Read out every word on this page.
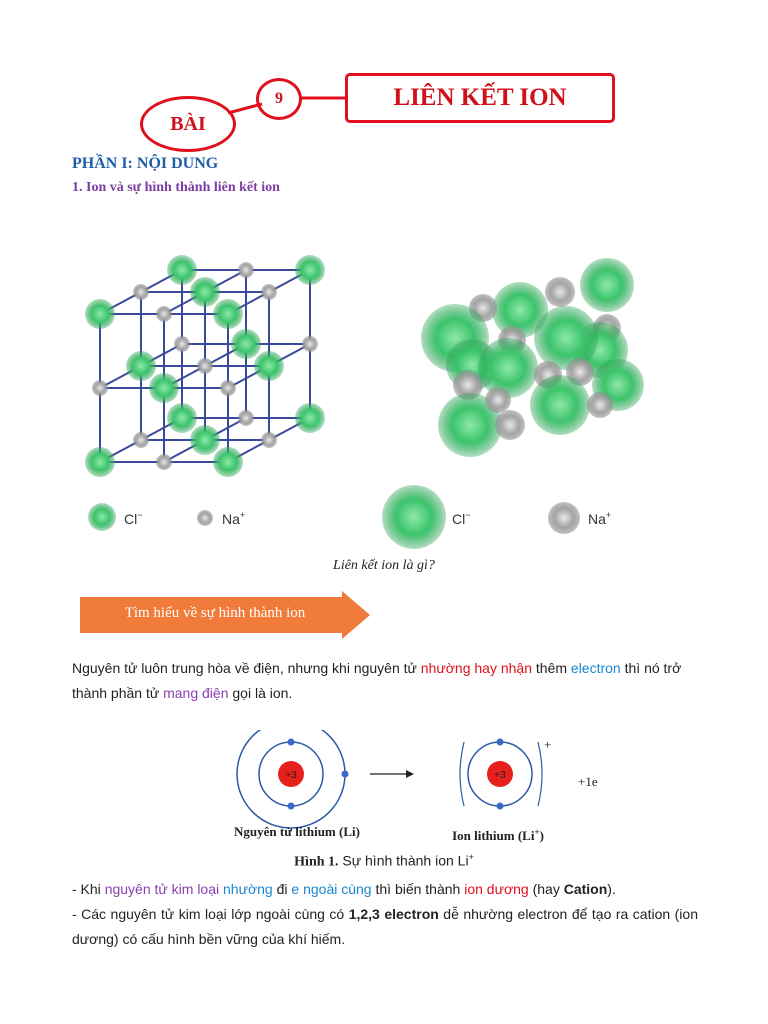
BÀI
9	LIÊN KẾT ION
PHẦN I: NỘI DUNG
1. Ion và sự hình thành liên kết ion
Cl−	Na+	Cl−	Na+
Liên kết ion là gì?
Tìm hiểu về sự hình thành ion
Nguyên tử luôn trung hòa về điện, nhưng khi nguyên tử nhường hay nhận thêm electron thì nó trở thành phần tử mang điện gọi là ion.
+3	+3
+
+1e
Nguyên tử lithium (Li)	Ion lithium (Li+)
Hình 1. Sự hình thành ion Li+
- Khi nguyên tử kim loại nhường đi e ngoài cùng thì biến thành ion dương (hay Cation).
- Các nguyên tử kim loại lớp ngoài cùng có 1,2,3 electron dễ nhường electron để tạo ra cation (ion dương) có cấu hình bền vững của khí hiếm.
